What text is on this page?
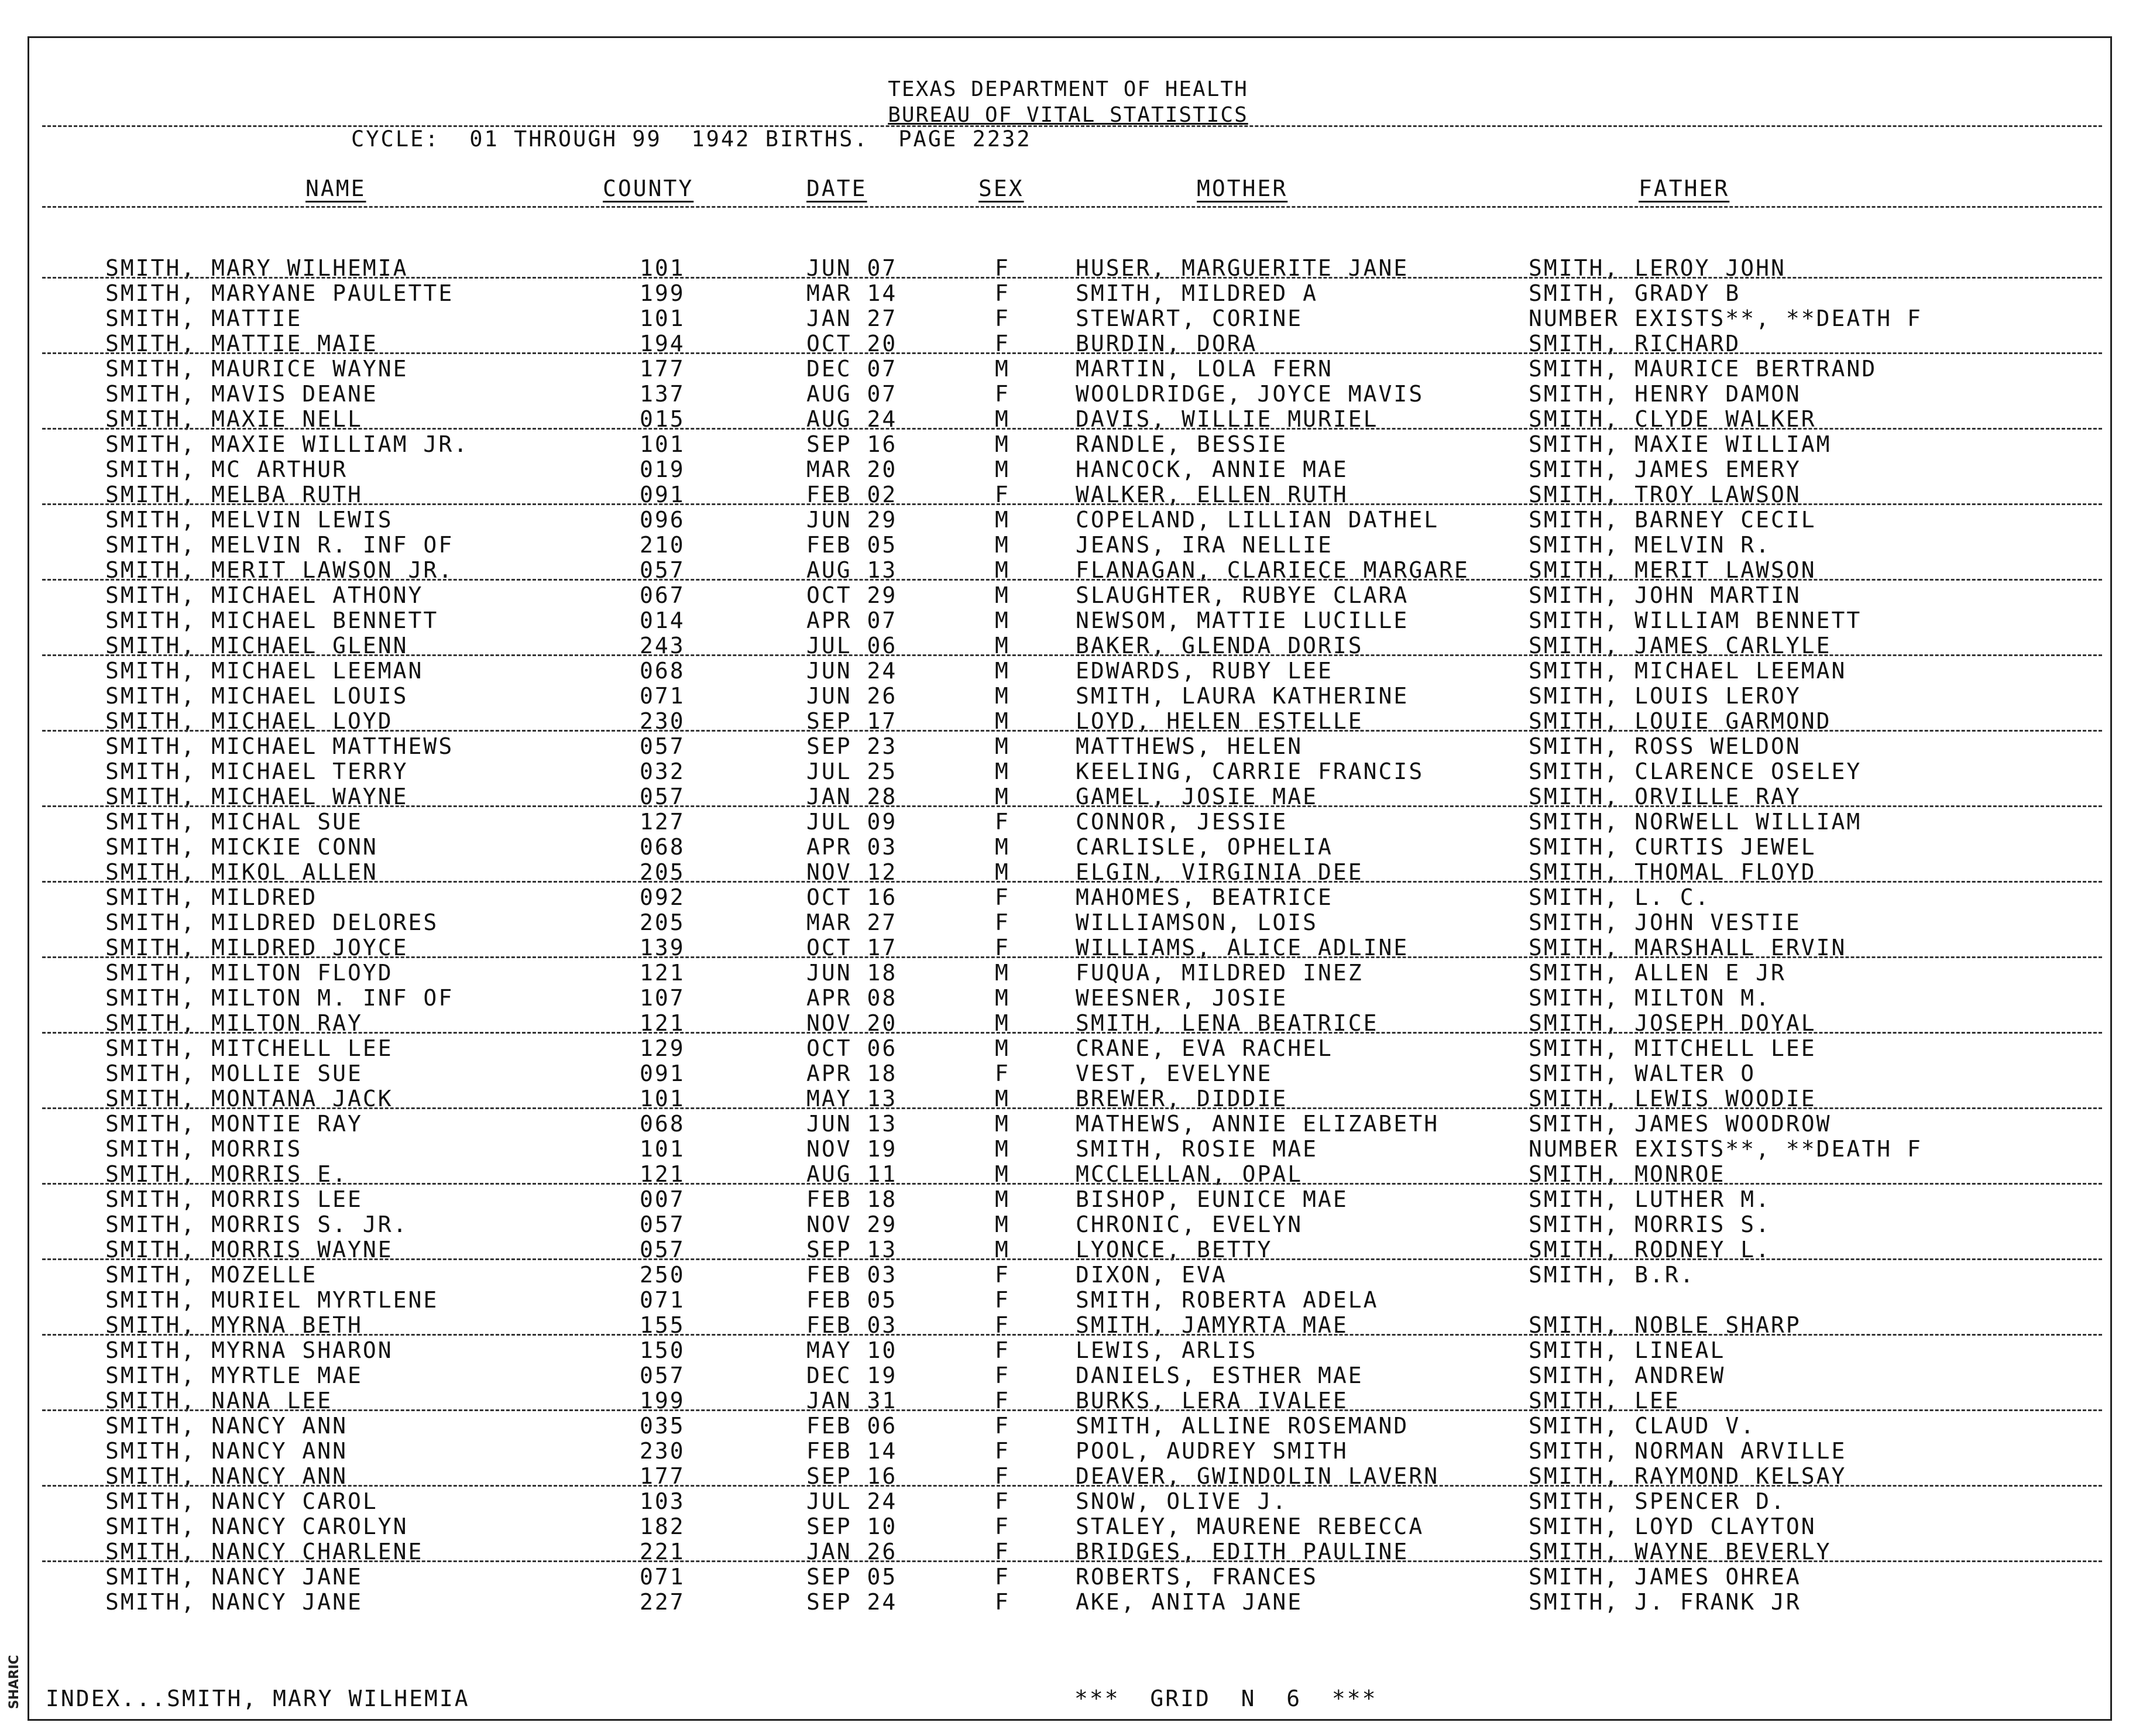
SHARIC
TEXAS DEPARTMENT OF HEALTH
BUREAU OF VITAL STATISTICS
CYCLE:  01 THROUGH 99  1942 BIRTHS.  PAGE 2232
NAME	COUNTY	DATE	SEX	MOTHER	FATHER
SMITH, MARY WILHEMIA	101	JUN 07	F	HUSER, MARGUERITE JANE	SMITH, LEROY JOHN
SMITH, MARYANE PAULETTE	199	MAR 14	F	SMITH, MILDRED A	SMITH, GRADY B
SMITH, MATTIE	101	JAN 27	F	STEWART, CORINE	NUMBER EXISTS**, **DEATH F
SMITH, MATTIE MAIE	194	OCT 20	F	BURDIN, DORA	SMITH, RICHARD
SMITH, MAURICE WAYNE	177	DEC 07	M	MARTIN, LOLA FERN	SMITH, MAURICE BERTRAND
SMITH, MAVIS DEANE	137	AUG 07	F	WOOLDRIDGE, JOYCE MAVIS	SMITH, HENRY DAMON
SMITH, MAXIE NELL	015	AUG 24	M	DAVIS, WILLIE MURIEL	SMITH, CLYDE WALKER
SMITH, MAXIE WILLIAM JR.	101	SEP 16	M	RANDLE, BESSIE	SMITH, MAXIE WILLIAM
SMITH, MC ARTHUR	019	MAR 20	M	HANCOCK, ANNIE MAE	SMITH, JAMES EMERY
SMITH, MELBA RUTH	091	FEB 02	F	WALKER, ELLEN RUTH	SMITH, TROY LAWSON
SMITH, MELVIN LEWIS	096	JUN 29	M	COPELAND, LILLIAN DATHEL	SMITH, BARNEY CECIL
SMITH, MELVIN R. INF OF	210	FEB 05	M	JEANS, IRA NELLIE	SMITH, MELVIN R.
SMITH, MERIT LAWSON JR.	057	AUG 13	M	FLANAGAN, CLARIECE MARGARE	SMITH, MERIT LAWSON
SMITH, MICHAEL ATHONY	067	OCT 29	M	SLAUGHTER, RUBYE CLARA	SMITH, JOHN MARTIN
SMITH, MICHAEL BENNETT	014	APR 07	M	NEWSOM, MATTIE LUCILLE	SMITH, WILLIAM BENNETT
SMITH, MICHAEL GLENN	243	JUL 06	M	BAKER, GLENDA DORIS	SMITH, JAMES CARLYLE
SMITH, MICHAEL LEEMAN	068	JUN 24	M	EDWARDS, RUBY LEE	SMITH, MICHAEL LEEMAN
SMITH, MICHAEL LOUIS	071	JUN 26	M	SMITH, LAURA KATHERINE	SMITH, LOUIS LEROY
SMITH, MICHAEL LOYD	230	SEP 17	M	LOYD, HELEN ESTELLE	SMITH, LOUIE GARMOND
SMITH, MICHAEL MATTHEWS	057	SEP 23	M	MATTHEWS, HELEN	SMITH, ROSS WELDON
SMITH, MICHAEL TERRY	032	JUL 25	M	KEELING, CARRIE FRANCIS	SMITH, CLARENCE OSELEY
SMITH, MICHAEL WAYNE	057	JAN 28	M	GAMEL, JOSIE MAE	SMITH, ORVILLE RAY
SMITH, MICHAL SUE	127	JUL 09	F	CONNOR, JESSIE	SMITH, NORWELL WILLIAM
SMITH, MICKIE CONN	068	APR 03	M	CARLISLE, OPHELIA	SMITH, CURTIS JEWEL
SMITH, MIKOL ALLEN	205	NOV 12	M	ELGIN, VIRGINIA DEE	SMITH, THOMAL FLOYD
SMITH, MILDRED	092	OCT 16	F	MAHOMES, BEATRICE	SMITH, L. C.
SMITH, MILDRED DELORES	205	MAR 27	F	WILLIAMSON, LOIS	SMITH, JOHN VESTIE
SMITH, MILDRED JOYCE	139	OCT 17	F	WILLIAMS, ALICE ADLINE	SMITH, MARSHALL ERVIN
SMITH, MILTON FLOYD	121	JUN 18	M	FUQUA, MILDRED INEZ	SMITH, ALLEN E JR
SMITH, MILTON M. INF OF	107	APR 08	M	WEESNER, JOSIE	SMITH, MILTON M.
SMITH, MILTON RAY	121	NOV 20	M	SMITH, LENA BEATRICE	SMITH, JOSEPH DOYAL
SMITH, MITCHELL LEE	129	OCT 06	M	CRANE, EVA RACHEL	SMITH, MITCHELL LEE
SMITH, MOLLIE SUE	091	APR 18	F	VEST, EVELYNE	SMITH, WALTER O
SMITH, MONTANA JACK	101	MAY 13	M	BREWER, DIDDIE	SMITH, LEWIS WOODIE
SMITH, MONTIE RAY	068	JUN 13	M	MATHEWS, ANNIE ELIZABETH	SMITH, JAMES WOODROW
SMITH, MORRIS	101	NOV 19	M	SMITH, ROSIE MAE	NUMBER EXISTS**, **DEATH F
SMITH, MORRIS E.	121	AUG 11	M	MCCLELLAN, OPAL	SMITH, MONROE
SMITH, MORRIS LEE	007	FEB 18	M	BISHOP, EUNICE MAE	SMITH, LUTHER M.
SMITH, MORRIS S. JR.	057	NOV 29	M	CHRONIC, EVELYN	SMITH, MORRIS S.
SMITH, MORRIS WAYNE	057	SEP 13	M	LYONCE, BETTY	SMITH, RODNEY L.
SMITH, MOZELLE	250	FEB 03	F	DIXON, EVA	SMITH, B.R.
SMITH, MURIEL MYRTLENE	071	FEB 05	F	SMITH, ROBERTA ADELA
SMITH, MYRNA BETH	155	FEB 03	F	SMITH, JAMYRTA MAE	SMITH, NOBLE SHARP
SMITH, MYRNA SHARON	150	MAY 10	F	LEWIS, ARLIS	SMITH, LINEAL
SMITH, MYRTLE MAE	057	DEC 19	F	DANIELS, ESTHER MAE	SMITH, ANDREW
SMITH, NANA LEE	199	JAN 31	F	BURKS, LERA IVALEE	SMITH, LEE
SMITH, NANCY ANN	035	FEB 06	F	SMITH, ALLINE ROSEMAND	SMITH, CLAUD V.
SMITH, NANCY ANN	230	FEB 14	F	POOL, AUDREY SMITH	SMITH, NORMAN ARVILLE
SMITH, NANCY ANN	177	SEP 16	F	DEAVER, GWINDOLIN LAVERN	SMITH, RAYMOND KELSAY
SMITH, NANCY CAROL	103	JUL 24	F	SNOW, OLIVE J.	SMITH, SPENCER D.
SMITH, NANCY CAROLYN	182	SEP 10	F	STALEY, MAURENE REBECCA	SMITH, LOYD CLAYTON
SMITH, NANCY CHARLENE	221	JAN 26	F	BRIDGES, EDITH PAULINE	SMITH, WAYNE BEVERLY
SMITH, NANCY JANE	071	SEP 05	F	ROBERTS, FRANCES	SMITH, JAMES OHREA
SMITH, NANCY JANE	227	SEP 24	F	AKE, ANITA JANE	SMITH, J. FRANK JR
INDEX...SMITH, MARY WILHEMIA	***  GRID  N  6  ***
